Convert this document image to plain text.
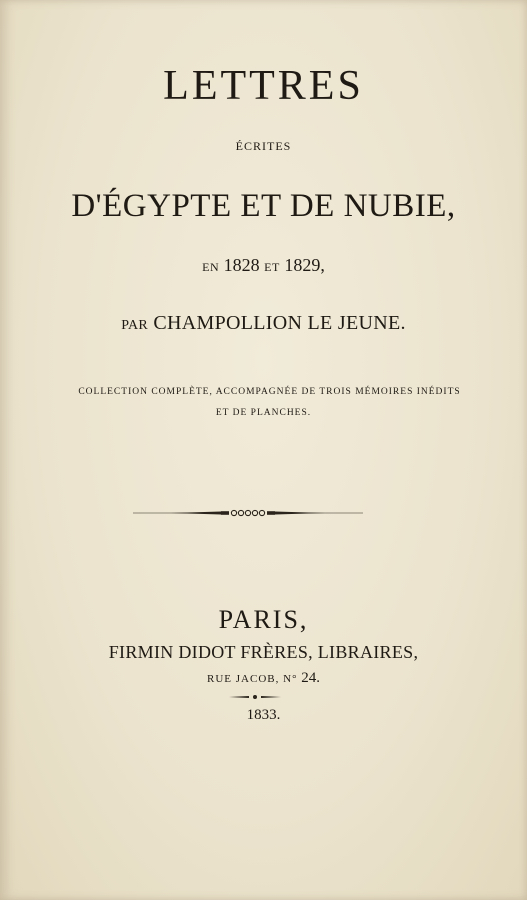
LETTRES
ÉCRITES
D'ÉGYPTE ET DE NUBIE,
EN 1828 ET 1829,
PAR CHAMPOLLION LE JEUNE.
COLLECTION COMPLÈTE, ACCOMPAGNÉE DE TROIS MÉMOIRES INÉDITS
ET DE PLANCHES.
PARIS,
FIRMIN DIDOT FRÈRES, LIBRAIRES,
RUE JACOB, N° 24.
1833.
